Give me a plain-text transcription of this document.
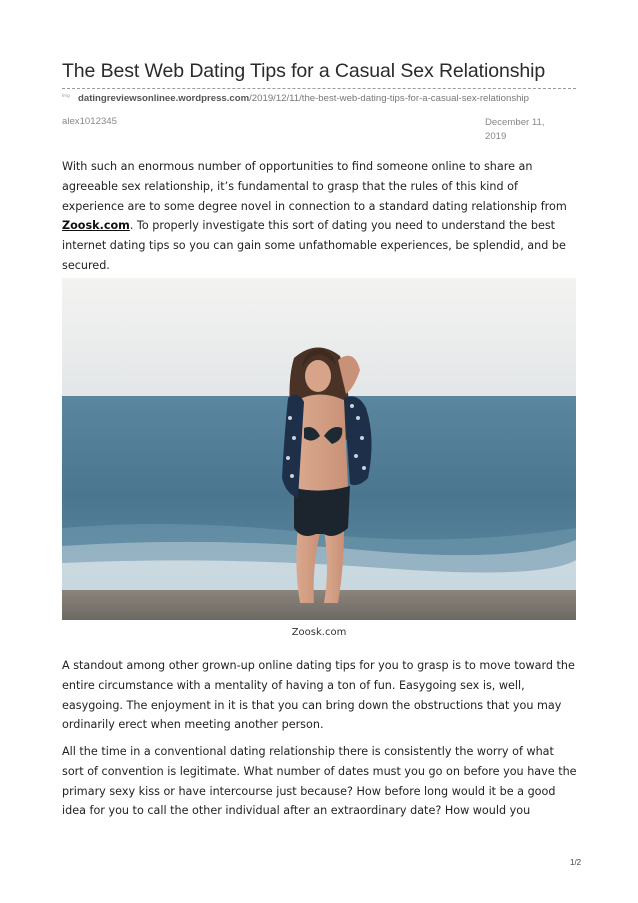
The Best Web Dating Tips for a Casual Sex Relationship
Img datingreviewsonlinee.wordpress.com/2019/12/11/the-best-web-dating-tips-for-a-casual-sex-relationship
alex1012345	December 11,
2019

With such an enormous number of opportunities to find someone online to share an agreeable sex relationship, it’s fundamental to grasp that the rules of this kind of experience are to some degree novel in connection to a standard dating relationship from Zoosk.com. To properly investigate this sort of dating you need to understand the best internet dating tips so you can gain some unfathomable experiences, be splendid, and be secured.

Zoosk.com

A standout among other grown-up online dating tips for you to grasp is to move toward the entire circumstance with a mentality of having a ton of fun. Easygoing sex is, well, easygoing. The enjoyment in it is that you can bring down the obstructions that you may ordinarily erect when meeting another person.

All the time in a conventional dating relationship there is consistently the worry of what sort of convention is legitimate. What number of dates must you go on before you have the primary sexy kiss or have intercourse just because? How before long would it be a good idea for you to call the other individual after an extraordinary date? How would you

1/2
